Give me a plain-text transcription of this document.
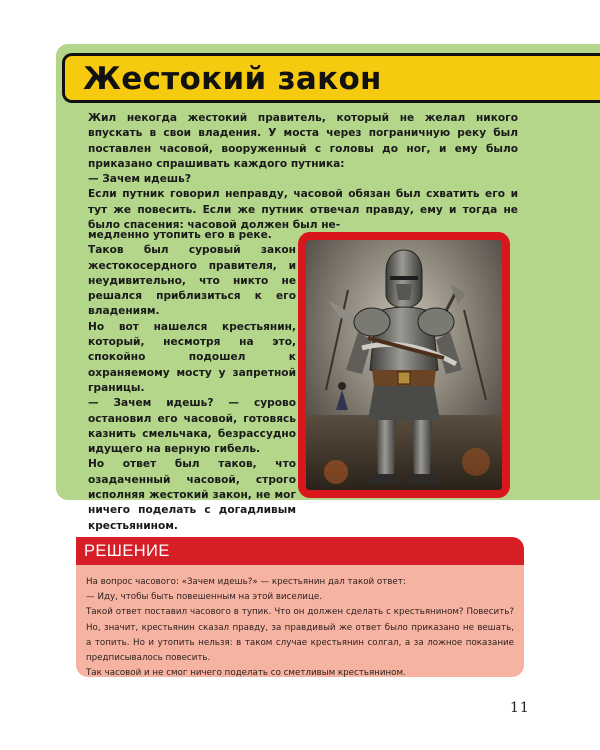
Жестокий закон

Жил некогда жестокий правитель, который не желал никого впускать в свои владения. У моста через пограничную реку был поставлен часовой, вооруженный с головы до ног, и ему было приказано спрашивать каждого путника:
— Зачем идешь?
Если путник говорил неправду, часовой обязан был схватить его и тут же повесить. Если же путник отвечал правду, ему и тогда не было спасения: часовой должен был не-

медленно утопить его в реке.
Таков был суровый закон жестокосердного правителя, и неудивительно, что никто не решался приблизиться к его владениям.
Но вот нашелся крестьянин, который, несмотря на это, спокойно подошел к охраняемому мосту у запретной границы.
— Зачем идешь? — сурово остановил его часовой, готовясь казнить смельчака, безрассудно идущего на верную гибель.
Но ответ был таков, что озадаченный часовой, строго исполняя жестокий закон, не мог ничего поделать с догадливым крестьянином.

РЕШЕНИЕ

На вопрос часового: «Зачем идешь?» — крестьянин дал такой ответ:
— Иду, чтобы быть повешенным на этой виселице.
Такой ответ поставил часового в тупик. Что он должен сделать с крестьянином? Повесить? Но, значит, крестьянин сказал правду, за правдивый же ответ было приказано не вешать, а топить. Но и утопить нельзя: в таком случае крестьянин солгал, а за ложное показание предписывалось повесить.
Так часовой и не смог ничего поделать со сметливым крестьянином.

11
